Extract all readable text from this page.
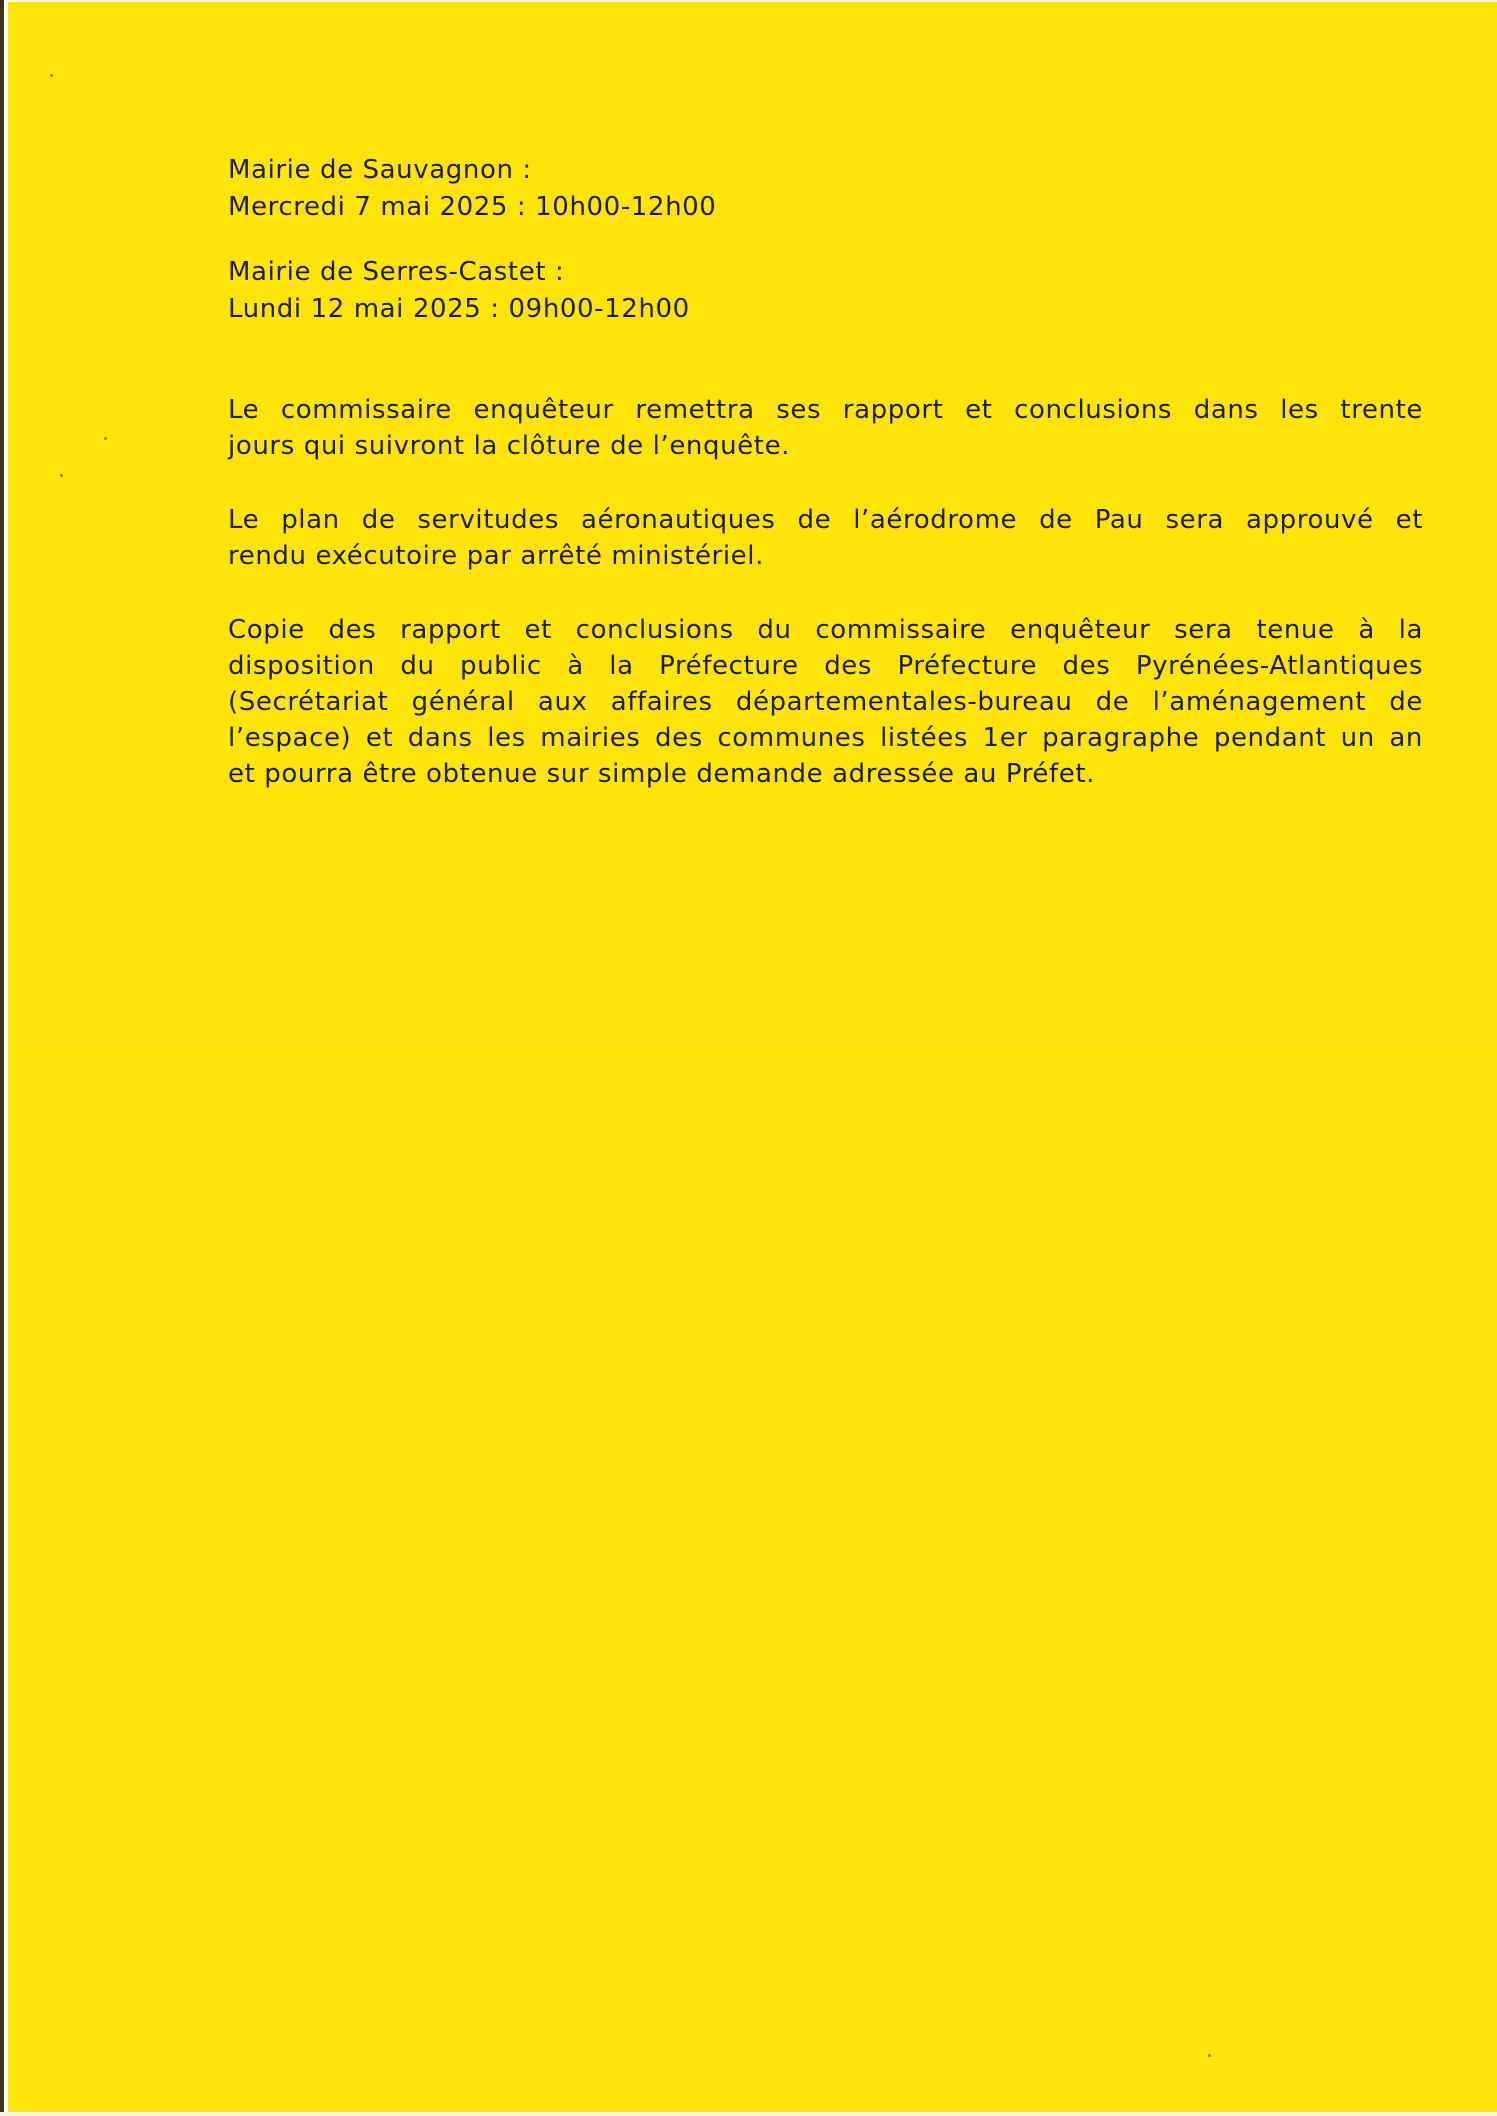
Mairie de Sauvagnon :
Mercredi 7 mai 2025 : 10h00-12h00
Mairie de Serres-Castet :
Lundi 12 mai 2025 : 09h00-12h00
Le commissaire enquêteur remettra ses rapport et conclusions dans les trente
jours qui suivront la clôture de l’enquête.
Le plan de servitudes aéronautiques de l’aérodrome de Pau sera approuvé et
rendu exécutoire par arrêté ministériel.
Copie des rapport et conclusions du commissaire enquêteur sera tenue à la
disposition du public à la Préfecture des Préfecture des Pyrénées-Atlantiques
(Secrétariat général aux affaires départementales-bureau de l’aménagement de
l’espace) et dans les mairies des communes listées 1er paragraphe pendant un an
et pourra être obtenue sur simple demande adressée au Préfet.
